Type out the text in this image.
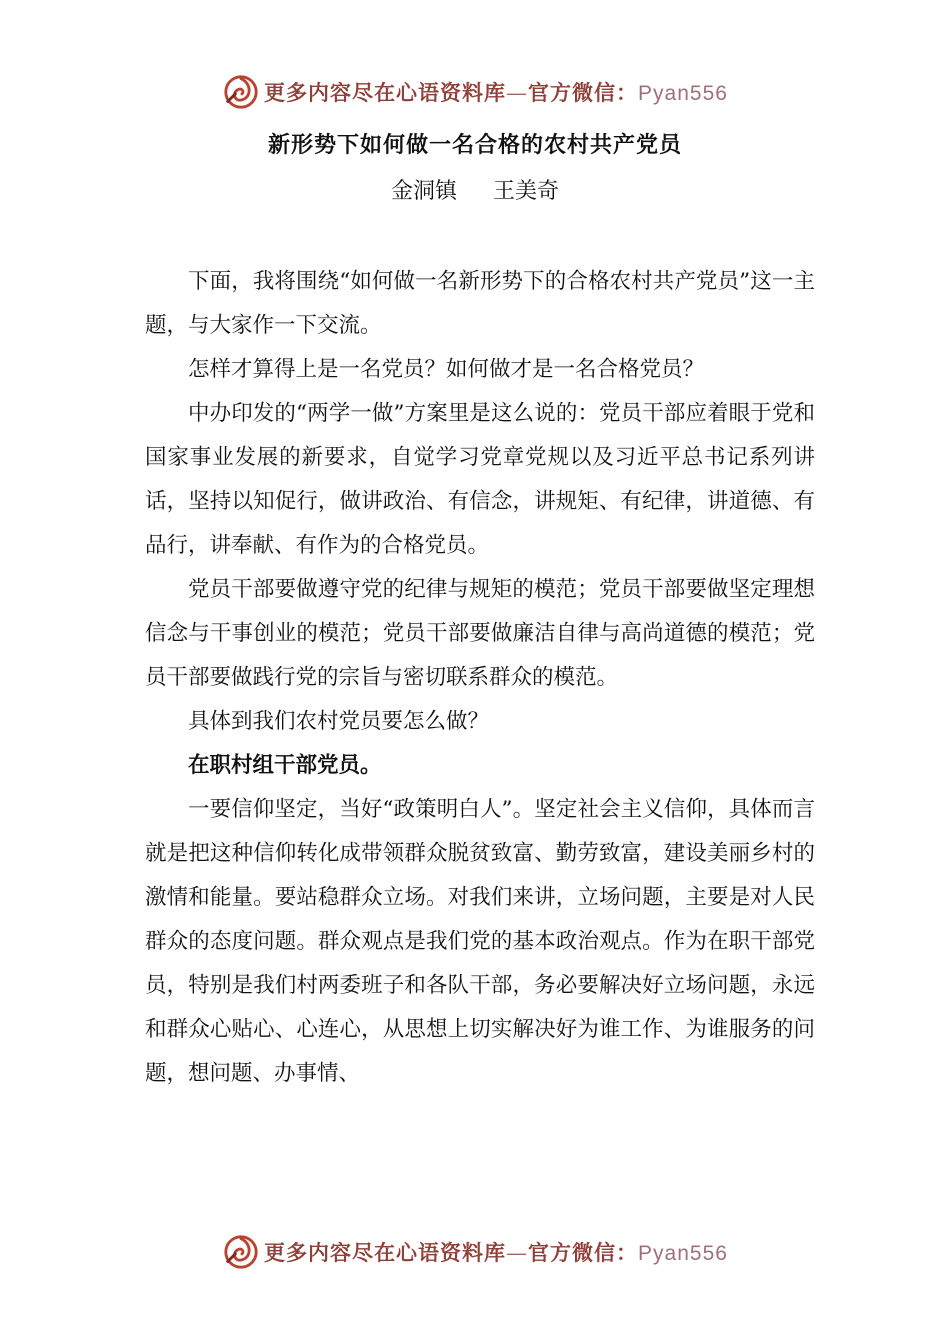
更多内容尽在心语资料库—官方微信：Pyan556
新形势下如何做一名合格的农村共产党员
金洞镇 王美奇

下面，我将围绕“如何做一名新形势下的合格农村共产党员”这一主题，与大家作一下交流。

怎样才算得上是一名党员？如何做才是一名合格党员？

中办印发的“两学一做”方案里是这么说的：党员干部应着眼于党和国家事业发展的新要求，自觉学习党章党规以及习近平总书记系列讲话，坚持以知促行，做讲政治、有信念，讲规矩、有纪律，讲道德、有品行，讲奉献、有作为的合格党员。

党员干部要做遵守党的纪律与规矩的模范；党员干部要做坚定理想信念与干事创业的模范；党员干部要做廉洁自律与高尚道德的模范；党员干部要做践行党的宗旨与密切联系群众的模范。

具体到我们农村党员要怎么做？

在职村组干部党员。

一要信仰坚定，当好“政策明白人”。坚定社会主义信仰，具体而言就是把这种信仰转化成带领群众脱贫致富、勤劳致富，建设美丽乡村的激情和能量。要站稳群众立场。对我们来讲，立场问题，主要是对人民群众的态度问题。群众观点是我们党的基本政治观点。作为在职干部党员，特别是我们村两委班子和各队干部，务必要解决好立场问题，永远和群众心贴心、心连心，从思想上切实解决好为谁工作、为谁服务的问题，想问题、办事情、

更多内容尽在心语资料库—官方微信：Pyan556
